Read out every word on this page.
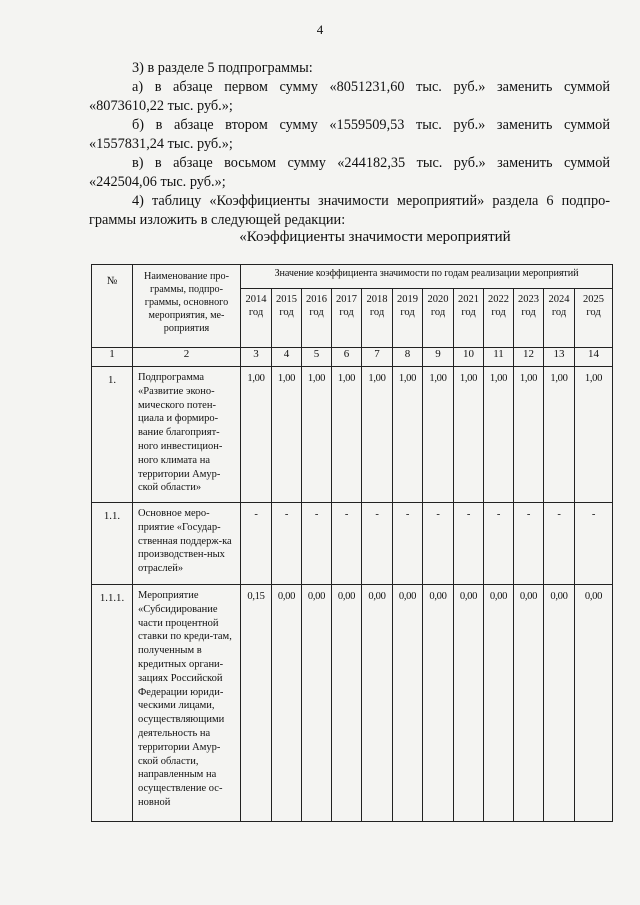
4
3) в разделе 5 подпрограммы:
а) в абзаце первом сумму «8051231,60 тыс. руб.» заменить суммой
«8073610,22 тыс. руб.»;
б) в абзаце втором сумму «1559509,53 тыс. руб.» заменить суммой
«1557831,24 тыс. руб.»;
в) в абзаце восьмом сумму «244182,35 тыс. руб.» заменить суммой
«242504,06 тыс. руб.»;
4) таблицу «Коэффициенты значимости мероприятий» раздела 6 подпро-
граммы изложить в следующей редакции:
«Коэффициенты значимости мероприятий
№	Наименование про-граммы, подпро-граммы, основного мероприятия, ме-роприятия	Значение коэффициента значимости по годам реализации мероприятий											
		2014 год	2015 год	2016 год	2017 год	2018 год	2019 год	2020 год	2021 год	2022 год	2023 год	2024 год	2025 год
1	2	3	4	5	6	7	8	9	10	11	12	13	14
1.	Подпрограмма «Развитие эконо-мического потен-циала и формиро-вание благоприят-ного инвестицион-ного климата на территории Амур-ской области»	1,00	1,00	1,00	1,00	1,00	1,00	1,00	1,00	1,00	1,00	1,00	1,00
1.1.	Основное меро-приятие «Государ-ственная поддерж-ка производствен-ных отраслей»	-	-	-	-	-	-	-	-	-	-	-	-
1.1.1.	Мероприятие «Субсидирование части процентной ставки по креди-там, полученным в кредитных органи-зациях Российской Федерации юриди-ческими лицами, осуществляющими деятельность на территории Амур-ской области, направленным на осуществление ос-новной	0,15	0,00	0,00	0,00	0,00	0,00	0,00	0,00	0,00	0,00	0,00	0,00
